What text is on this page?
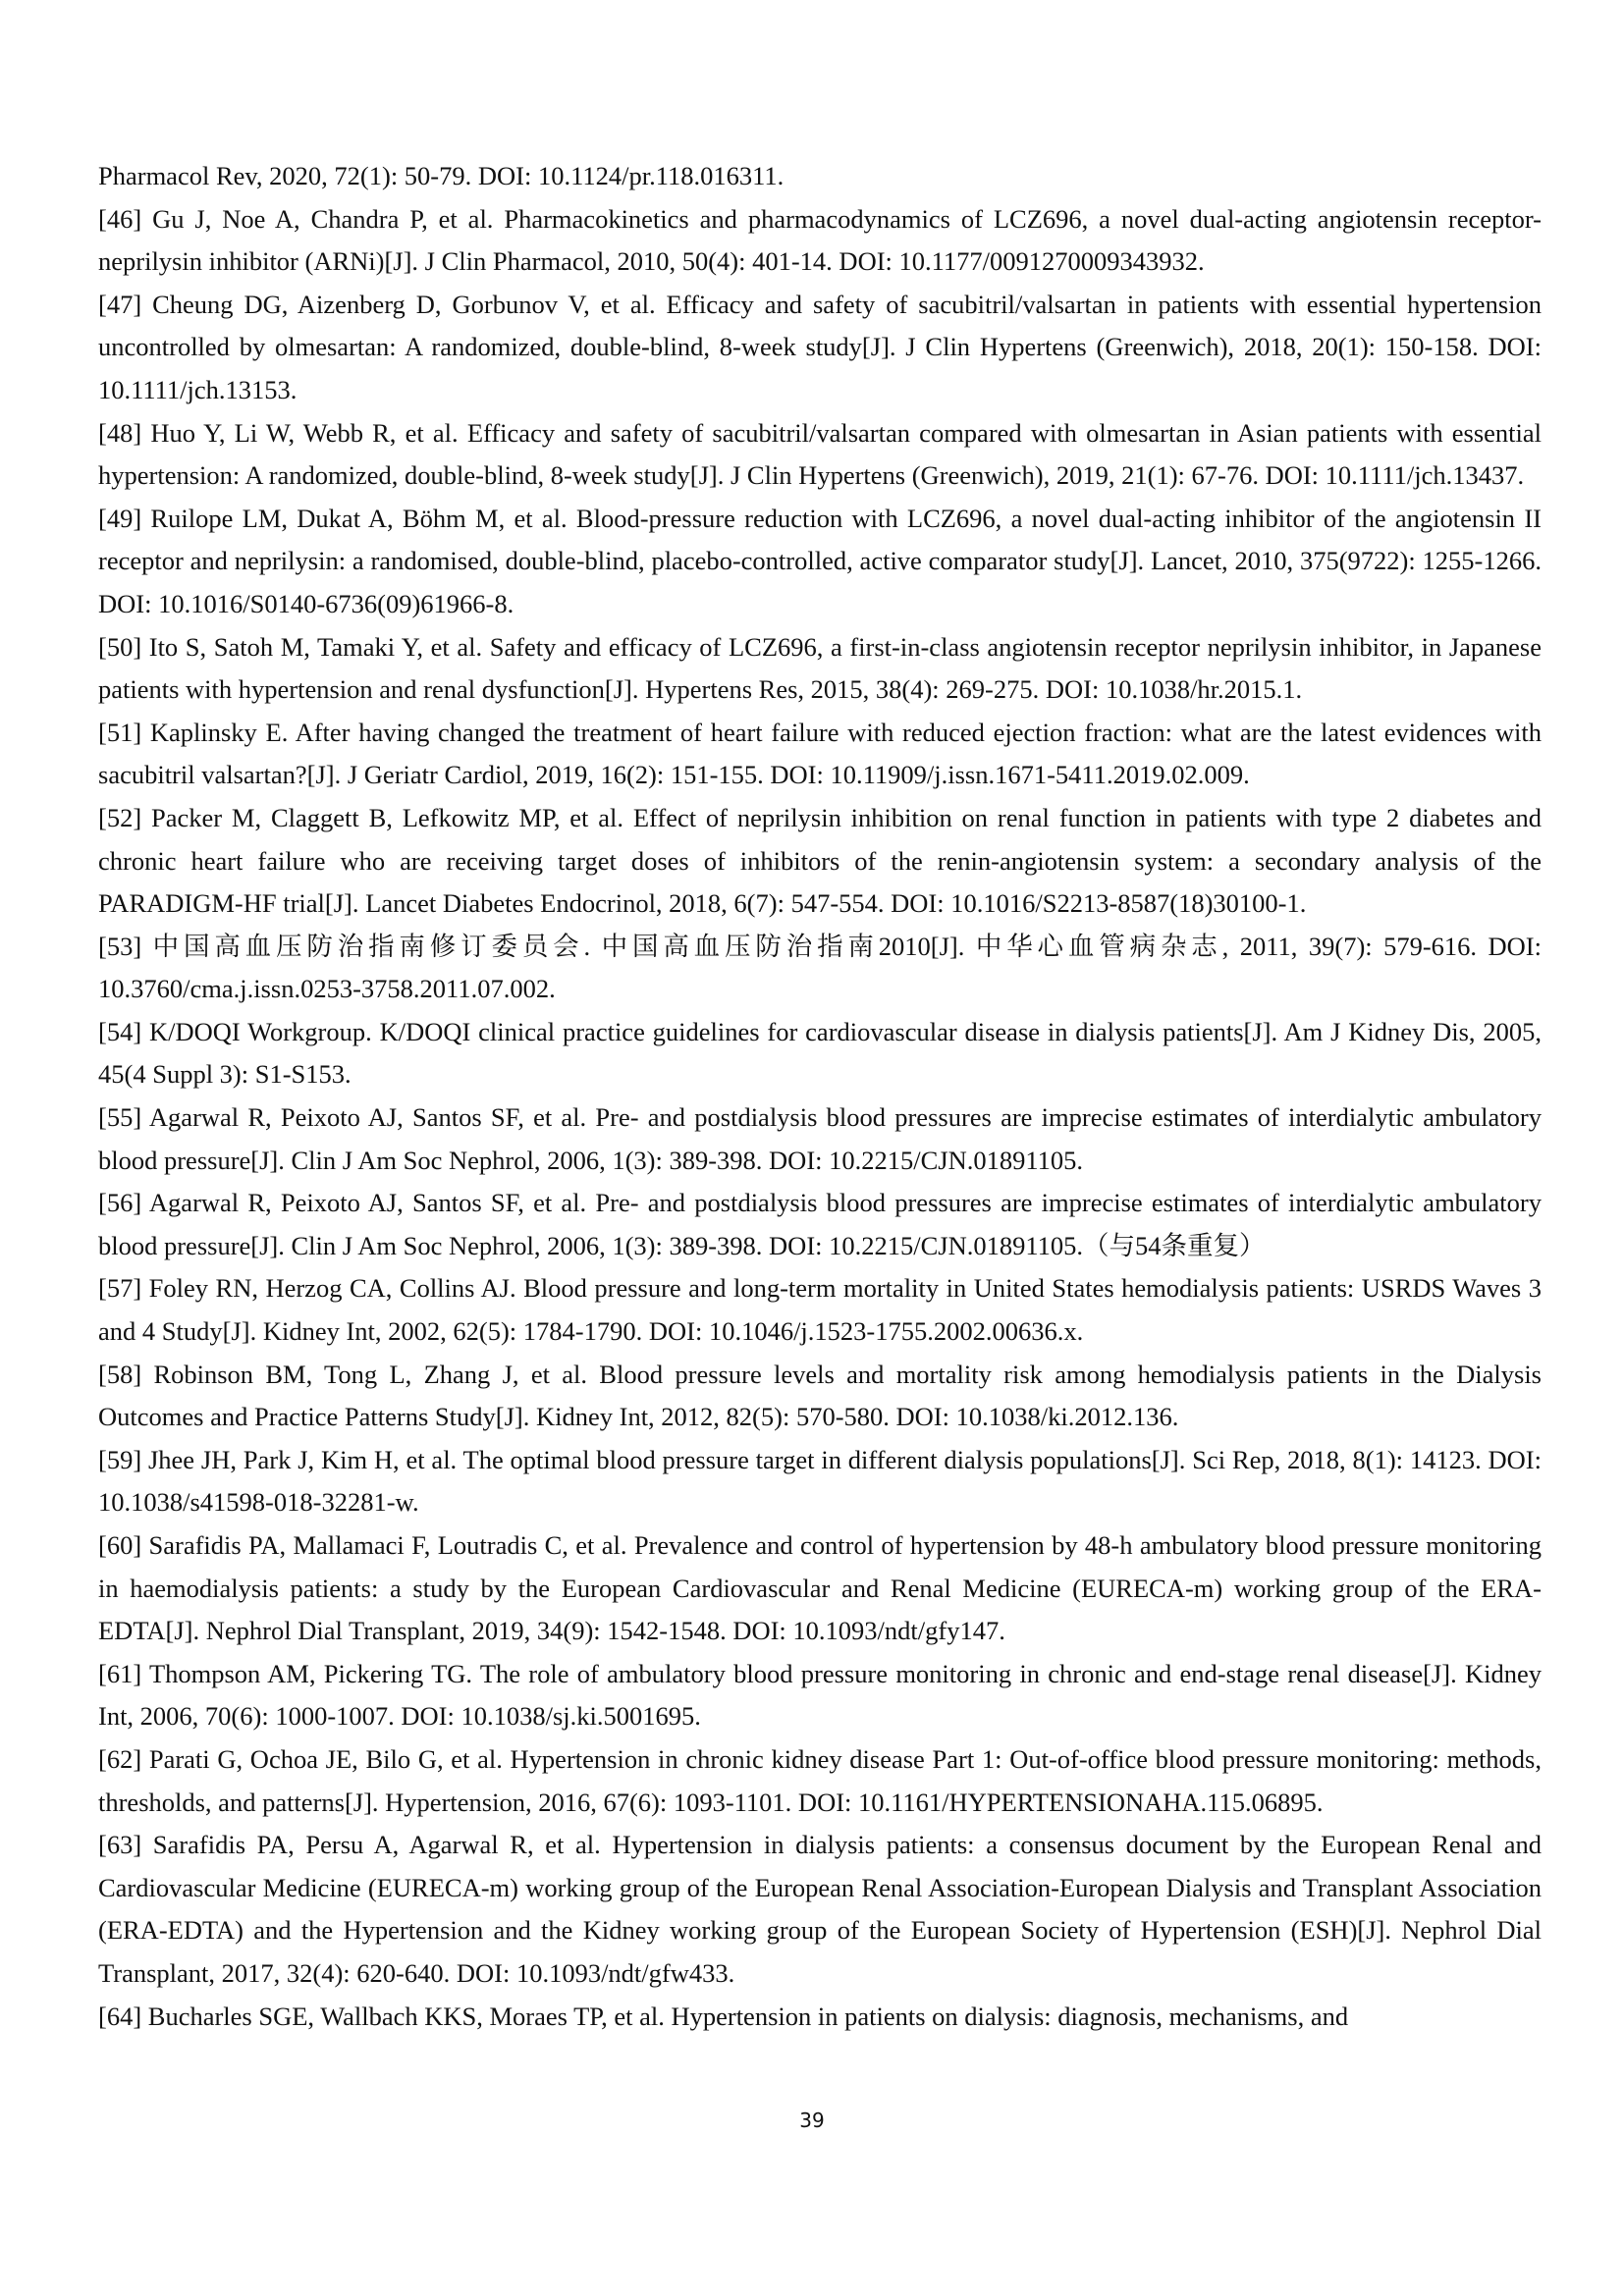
Pharmacol Rev, 2020, 72(1): 50-79. DOI: 10.1124/pr.118.016311.

[46] Gu J, Noe A, Chandra P, et al. Pharmacokinetics and pharmacodynamics of LCZ696, a novel dual-acting angiotensin receptor-neprilysin inhibitor (ARNi)[J]. J Clin Pharmacol, 2010, 50(4): 401-14. DOI: 10.1177/0091270009343932.

[47] Cheung DG, Aizenberg D, Gorbunov V, et al. Efficacy and safety of sacubitril/valsartan in patients with essential hypertension uncontrolled by olmesartan: A randomized, double-blind, 8-week study[J]. J Clin Hypertens (Greenwich), 2018, 20(1): 150-158. DOI: 10.1111/jch.13153.

[48] Huo Y, Li W, Webb R, et al. Efficacy and safety of sacubitril/valsartan compared with olmesartan in Asian patients with essential hypertension: A randomized, double-blind, 8-week study[J]. J Clin Hypertens (Greenwich), 2019, 21(1): 67-76. DOI: 10.1111/jch.13437.

[49] Ruilope LM, Dukat A, Böhm M, et al. Blood-pressure reduction with LCZ696, a novel dual-acting inhibitor of the angiotensin II receptor and neprilysin: a randomised, double-blind, placebo-controlled, active comparator study[J]. Lancet, 2010, 375(9722): 1255-1266. DOI: 10.1016/S0140-6736(09)61966-8.

[50] Ito S, Satoh M, Tamaki Y, et al. Safety and efficacy of LCZ696, a first-in-class angiotensin receptor neprilysin inhibitor, in Japanese patients with hypertension and renal dysfunction[J]. Hypertens Res, 2015, 38(4): 269-275. DOI: 10.1038/hr.2015.1.

[51] Kaplinsky E. After having changed the treatment of heart failure with reduced ejection fraction: what are the latest evidences with sacubitril valsartan?[J]. J Geriatr Cardiol, 2019, 16(2): 151-155. DOI: 10.11909/j.issn.1671-5411.2019.02.009.

[52] Packer M, Claggett B, Lefkowitz MP, et al. Effect of neprilysin inhibition on renal function in patients with type 2 diabetes and chronic heart failure who are receiving target doses of inhibitors of the renin-angiotensin system: a secondary analysis of the PARADIGM-HF trial[J]. Lancet Diabetes Endocrinol, 2018, 6(7): 547-554. DOI: 10.1016/S2213-8587(18)30100-1.

[53] 中国高血压防治指南修订委员会. 中国高血压防治指南2010[J]. 中华心血管病杂志, 2011, 39(7): 579-616. DOI: 10.3760/cma.j.issn.0253-3758.2011.07.002.

[54] K/DOQI Workgroup. K/DOQI clinical practice guidelines for cardiovascular disease in dialysis patients[J]. Am J Kidney Dis, 2005, 45(4 Suppl 3): S1-S153.

[55] Agarwal R, Peixoto AJ, Santos SF, et al. Pre- and postdialysis blood pressures are imprecise estimates of interdialytic ambulatory blood pressure[J]. Clin J Am Soc Nephrol, 2006, 1(3): 389-398. DOI: 10.2215/CJN.01891105.

[56] Agarwal R, Peixoto AJ, Santos SF, et al. Pre- and postdialysis blood pressures are imprecise estimates of interdialytic ambulatory blood pressure[J]. Clin J Am Soc Nephrol, 2006, 1(3): 389-398. DOI: 10.2215/CJN.01891105.（与54条重复）

[57] Foley RN, Herzog CA, Collins AJ. Blood pressure and long-term mortality in United States hemodialysis patients: USRDS Waves 3 and 4 Study[J]. Kidney Int, 2002, 62(5): 1784-1790. DOI: 10.1046/j.1523-1755.2002.00636.x.

[58] Robinson BM, Tong L, Zhang J, et al. Blood pressure levels and mortality risk among hemodialysis patients in the Dialysis Outcomes and Practice Patterns Study[J]. Kidney Int, 2012, 82(5): 570-580. DOI: 10.1038/ki.2012.136.

[59] Jhee JH, Park J, Kim H, et al. The optimal blood pressure target in different dialysis populations[J]. Sci Rep, 2018, 8(1): 14123. DOI: 10.1038/s41598-018-32281-w.

[60] Sarafidis PA, Mallamaci F, Loutradis C, et al. Prevalence and control of hypertension by 48-h ambulatory blood pressure monitoring in haemodialysis patients: a study by the European Cardiovascular and Renal Medicine (EURECA-m) working group of the ERA-EDTA[J]. Nephrol Dial Transplant, 2019, 34(9): 1542-1548. DOI: 10.1093/ndt/gfy147.

[61] Thompson AM, Pickering TG. The role of ambulatory blood pressure monitoring in chronic and end-stage renal disease[J]. Kidney Int, 2006, 70(6): 1000-1007. DOI: 10.1038/sj.ki.5001695.

[62] Parati G, Ochoa JE, Bilo G, et al. Hypertension in chronic kidney disease Part 1: Out-of-office blood pressure monitoring: methods, thresholds, and patterns[J]. Hypertension, 2016, 67(6): 1093-1101. DOI: 10.1161/HYPERTENSIONAHA.115.06895.

[63] Sarafidis PA, Persu A, Agarwal R, et al. Hypertension in dialysis patients: a consensus document by the European Renal and Cardiovascular Medicine (EURECA-m) working group of the European Renal Association-European Dialysis and Transplant Association (ERA-EDTA) and the Hypertension and the Kidney working group of the European Society of Hypertension (ESH)[J]. Nephrol Dial Transplant, 2017, 32(4): 620-640. DOI: 10.1093/ndt/gfw433.

[64] Bucharles SGE, Wallbach KKS, Moraes TP, et al. Hypertension in patients on dialysis: diagnosis, mechanisms, and

39
